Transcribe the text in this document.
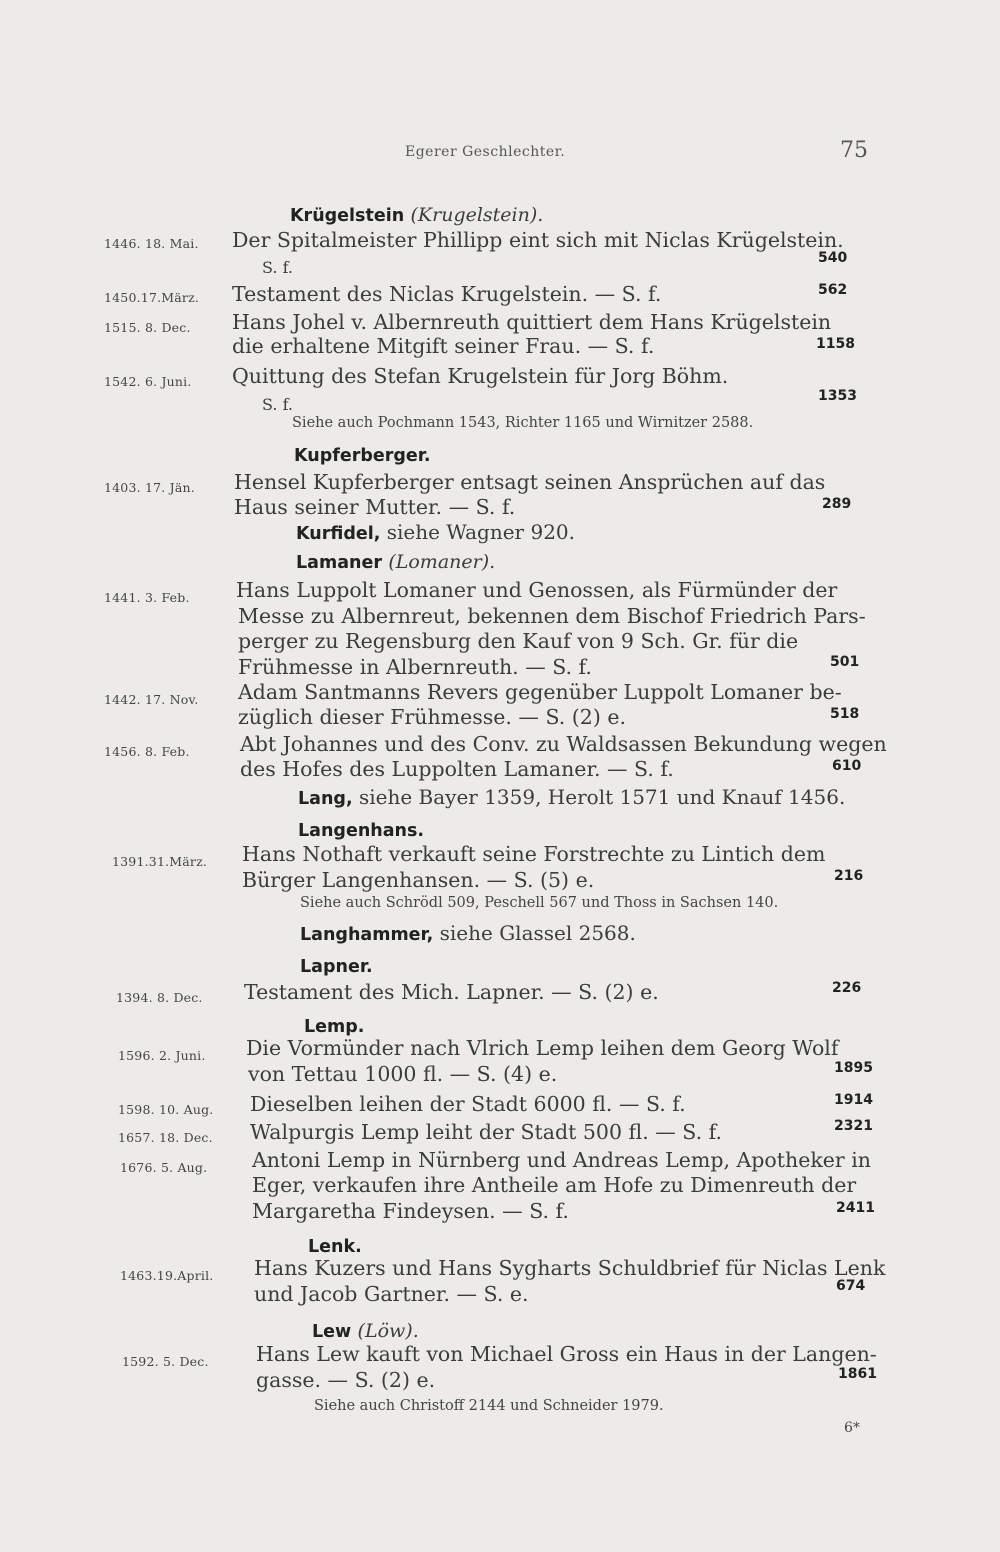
Egerer Geschlechter.	75
Krügelstein (Krugelstein).
1446. 18. Mai. Der Spitalmeister Phillipp eint sich mit Niclas Krügelstein.
S. f.	540
1450.17.März. Testament des Niclas Krugelstein. — S. f.	562
1515. 8. Dec. Hans Johel v. Albernreuth quittiert dem Hans Krügelstein
die erhaltene Mitgift seiner Frau. — S. f.	1158
1542. 6. Juni. Quittung des Stefan Krugelstein für Jorg Böhm.
S. f.	1353
Siehe auch Pochmann 1543, Richter 1165 und Wirnitzer 2588.
Kupferberger.
1403. 17. Jän. Hensel Kupferberger entsagt seinen Ansprüchen auf das
Haus seiner Mutter. — S. f.	289
Kurfidel, siehe Wagner 920.
Lamaner (Lomaner).
1441. 3. Feb. Hans Luppolt Lomaner und Genossen, als Fürmünder der
Messe zu Albernreut, bekennen dem Bischof Friedrich Pars-
perger zu Regensburg den Kauf von 9 Sch. Gr. für die
Frühmesse in Albernreuth. — S. f.	501
1442. 17. Nov. Adam Santmanns Revers gegenüber Luppolt Lomaner be-
züglich dieser Frühmesse. — S. (2) e.	518
1456. 8. Feb. Abt Johannes und des Conv. zu Waldsassen Bekundung wegen
des Hofes des Luppolten Lamaner. — S. f.	610
Lang, siehe Bayer 1359, Herolt 1571 und Knauf 1456.
Langenhans.
1391.31.März. Hans Nothaft verkauft seine Forstrechte zu Lintich dem
Bürger Langenhansen. — S. (5) e.	216
Siehe auch Schrödl 509, Peschell 567 und Thoss in Sachsen 140.
Langhammer, siehe Glassel 2568.
Lapner.
1394. 8. Dec. Testament des Mich. Lapner. — S. (2) e.	226
Lemp.
1596. 2. Juni. Die Vormünder nach Vlrich Lemp leihen dem Georg Wolf
von Tettau 1000 fl. — S. (4) e.	1895
1598. 10. Aug. Dieselben leihen der Stadt 6000 fl. — S. f.	1914
1657. 18. Dec. Walpurgis Lemp leiht der Stadt 500 fl. — S. f.	2321
1676. 5. Aug. Antoni Lemp in Nürnberg und Andreas Lemp, Apotheker in
Eger, verkaufen ihre Antheile am Hofe zu Dimenreuth der
Margaretha Findeysen. — S. f.	2411
Lenk.
1463.19.April. Hans Kuzers und Hans Sygharts Schuldbrief für Niclas Lenk
und Jacob Gartner. — S. e.	674
Lew (Löw).
1592. 5. Dec. Hans Lew kauft von Michael Gross ein Haus in der Langen-
gasse. — S. (2) e.	1861
Siehe auch Christoff 2144 und Schneider 1979.
6*
